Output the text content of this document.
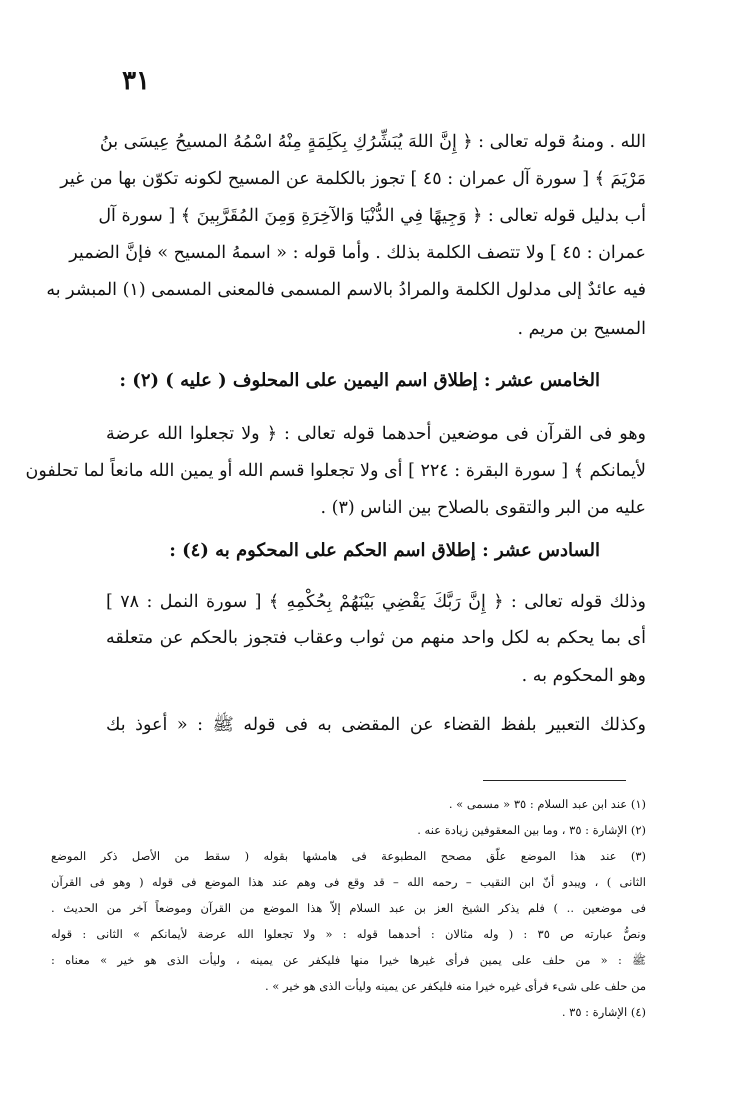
٣١
الله . ومنهُ قوله تعالى : ﴿ إِنَّ اللهَ يُبَشِّرُكِ بِكَلِمَةٍ مِنْهُ اسْمُهُ المسيحُ عِيسَى بنُ
مَرْيَمَ ﴾ [ سورة آل عمران : ٤٥ ] تجوز بالكلمة عن المسيح لكونه تكوّن بها من غير
أب بدليل قوله تعالى : ﴿ وَجِيهًا فِي الدُّنْيَا وَالآخِرَةِ وَمِنَ المُقَرَّبِينَ ﴾ [ سورة آل
عمران : ٤٥ ] ولا تتصف الكلمة بذلك . وأما قوله : « اسمهُ المسيح » فإنَّ الضمير
فيه عائدٌ إلى مدلول الكلمة والمرادُ بالاسم المسمى فالمعنى المسمى (١) المبشر به
المسيح بن مريم .
الخامس عشر : إطلاق اسم اليمين على المحلوف ( عليه ) (٢) :
وهو فى القرآن فى موضعين أحدهما قوله تعالى : ﴿ ولا تجعلوا الله عرضة
لأيمانكم ﴾ [ سورة البقرة : ٢٢٤ ] أى ولا تجعلوا قسم الله أو يمين الله مانعاً لما تحلفون
عليه من البر والتقوى بالصلاح بين الناس (٣) .
السادس عشر : إطلاق اسم الحكم على المحكوم به (٤) :
وذلك قوله تعالى : ﴿ إِنَّ رَبَّكَ يَقْضِي بَيْنَهُمْ بِحُكْمِهِ ﴾ [ سورة النمل : ٧٨ ]
أى بما يحكم به لكل واحد منهم من ثواب وعقاب فتجوز بالحكم عن متعلقه
وهو المحكوم به .
وكذلك التعبير بلفظ القضاء عن المقضى به فى قوله ﷺ : « أعوذ بك
(١) عند ابن عبد السلام : ٣٥ « مسمى » .
(٢) الإشارة : ٣٥ ، وما بين المعقوفين زيادة عنه .
(٣) عند هذا الموضع علّق مصحح المطبوعة فى هامشها بقوله ( سقط من الأصل ذكر الموضع
الثانى ) ، ويبدو أنّ ابن النقيب – رحمه الله – قد وقع فى وهم عند هذا الموضع فى قوله ( وهو فى القرآن
فى موضعين .. ) فلم يذكر الشيخ العز بن عبد السلام إلاّ هذا الموضع من القرآن وموضعاً آخر من الحديث .
ونصُّ عبارته ص ٣٥ : ( وله مثالان : أحدهما قوله : « ولا تجعلوا الله عرضة لأيمانكم » الثانى : قوله
ﷺ : « من حلف على يمين فرأى غيرها خيرا منها فليكفر عن يمينه ، وليأت الذى هو خير » معناه :
من حلف على شىء فرأى غيره خيرا منه فليكفر عن يمينه وليأت الذى هو خير » .
(٤) الإشارة : ٣٥ .
